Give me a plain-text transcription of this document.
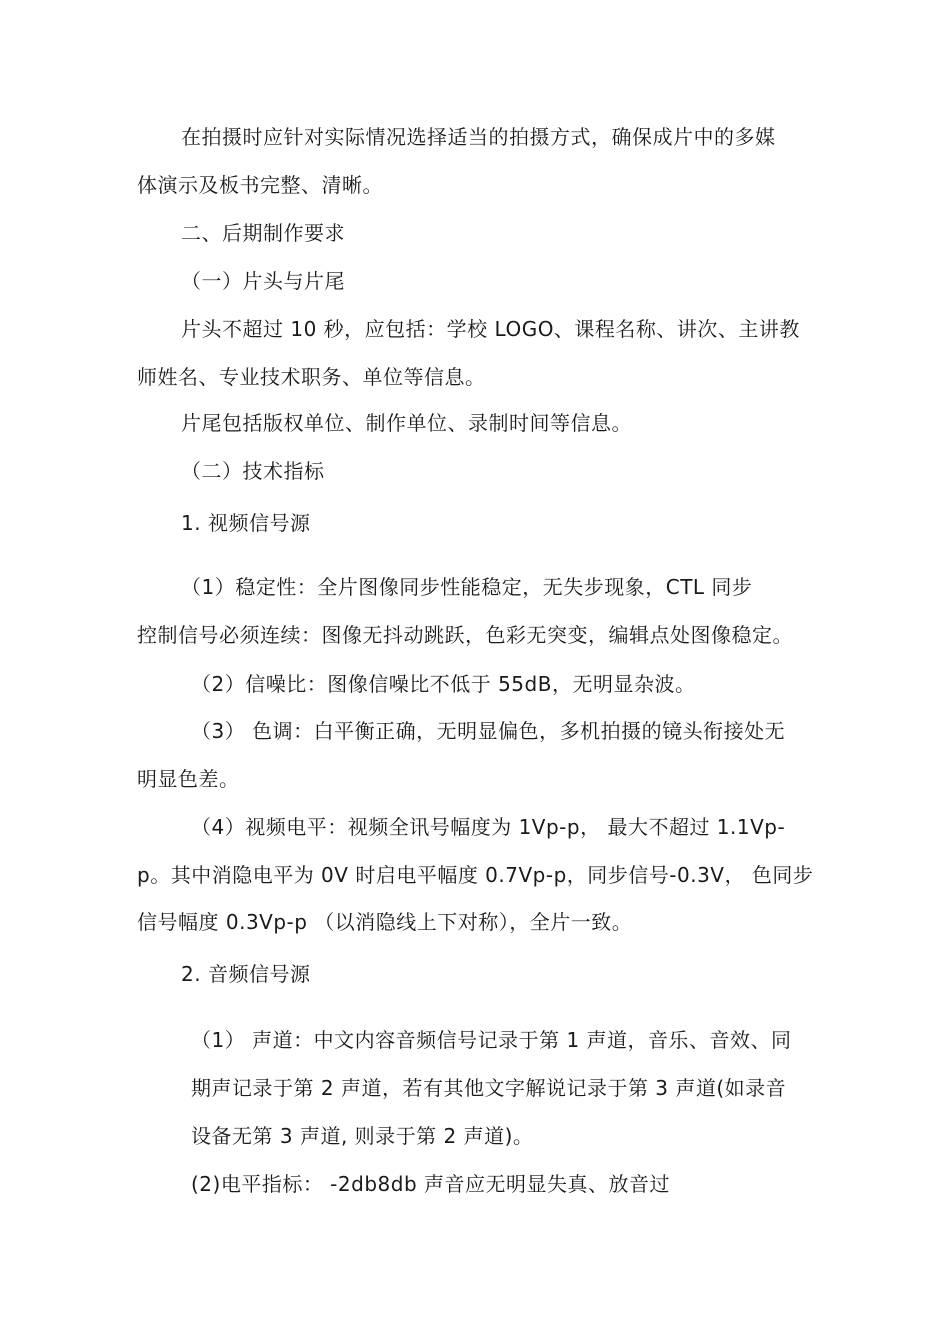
在拍摄时应针对实际情况选择适当的拍摄方式，确保成片中的多媒
体演示及板书完整、清晰。
二、后期制作要求
（一）片头与片尾
片头不超过 10 秒，应包括：学校 LOGO、课程名称、讲次、主讲教
师姓名、专业技术职务、单位等信息。
片尾包括版权单位、制作单位、录制时间等信息。
（二）技术指标
1. 视频信号源
（1）稳定性：全片图像同步性能稳定，无失步现象，CTL 同步
控制信号必须连续：图像无抖动跳跃，色彩无突变，编辑点处图像稳定。
（2）信噪比：图像信噪比不低于 55dB，无明显杂波。
（3） 色调：白平衡正确，无明显偏色，多机拍摄的镜头衔接处无
明显色差。
（4）视频电平：视频全讯号幅度为 1Vp-p， 最大不超过 1.1Vp-
p。其中消隐电平为 0V 时启电平幅度 0.7Vp-p，同步信号-0.3V， 色同步
信号幅度 0.3Vp-p （以消隐线上下对称），全片一致。
2. 音频信号源
（1） 声道：中文内容音频信号记录于第 1 声道，音乐、音效、同
期声记录于第 2 声道，若有其他文字解说记录于第 3 声道(如录音
设备无第 3 声道, 则录于第 2 声道)。
(2)电平指标： -2db8db 声音应无明显失真、放音过
